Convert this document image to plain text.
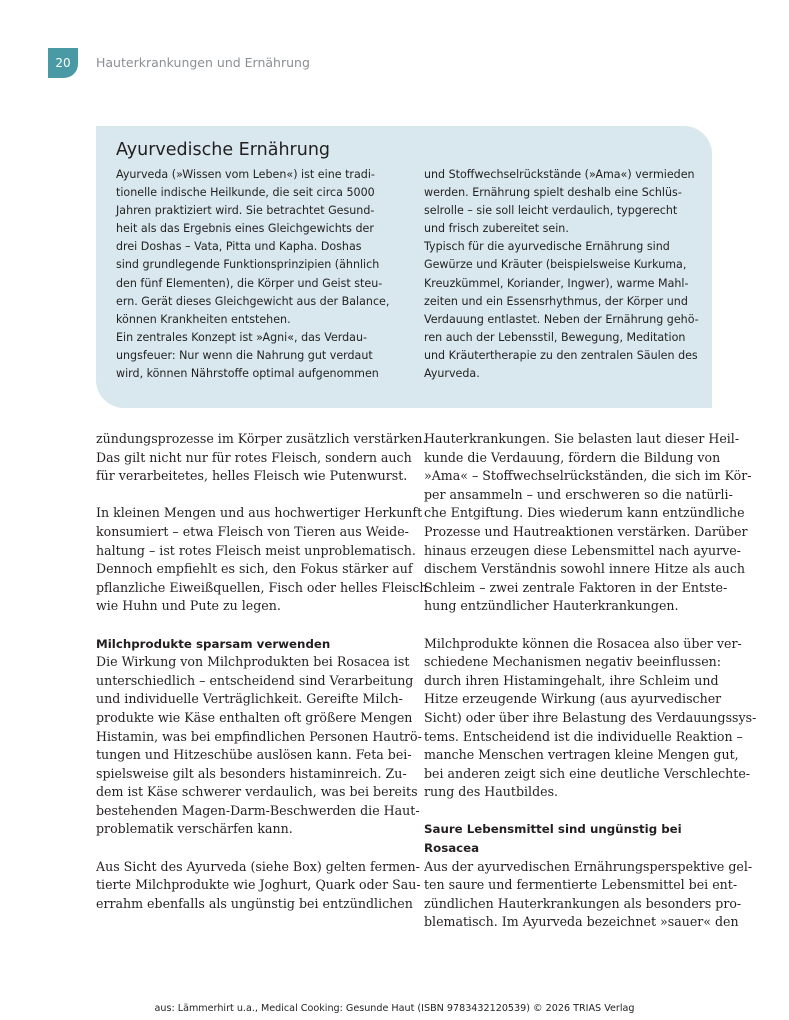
20 Hauterkrankungen und Ernährung
Ayurvedische Ernährung
Ayurveda (»Wissen vom Leben«) ist eine tradi-
tionelle indische Heilkunde, die seit circa 5000
Jahren praktiziert wird. Sie betrachtet Gesund-
heit als das Ergebnis eines Gleichgewichts der
drei Doshas – Vata, Pitta und Kapha. Doshas
sind grundlegende Funktionsprinzipien (ähnlich
den fünf Elementen), die Körper und Geist steu-
ern. Gerät dieses Gleichgewicht aus der Balance,
können Krankheiten entstehen.
Ein zentrales Konzept ist »Agni«, das Verdau-
ungsfeuer: Nur wenn die Nahrung gut verdaut
wird, können Nährstoffe optimal aufgenommen
und Stoffwechselrückstände (»Ama«) vermieden
werden. Ernährung spielt deshalb eine Schlüs-
selrolle – sie soll leicht verdaulich, typgerecht
und frisch zubereitet sein.
Typisch für die ayurvedische Ernährung sind
Gewürze und Kräuter (beispielsweise Kurkuma,
Kreuzkümmel, Koriander, Ingwer), warme Mahl-
zeiten und ein Essensrhythmus, der Körper und
Verdauung entlastet. Neben der Ernährung gehö-
ren auch der Lebensstil, Bewegung, Meditation
und Kräutertherapie zu den zentralen Säulen des
Ayurveda.
zündungsprozesse im Körper zusätzlich verstärken.
Das gilt nicht nur für rotes Fleisch, sondern auch
für verarbeitetes, helles Fleisch wie Putenwurst.
In kleinen Mengen und aus hochwertiger Herkunft
konsumiert – etwa Fleisch von Tieren aus Weide-
haltung – ist rotes Fleisch meist unproblematisch.
Dennoch empfiehlt es sich, den Fokus stärker auf
pflanzliche Eiweißquellen, Fisch oder helles Fleisch
wie Huhn und Pute zu legen.
Milchprodukte sparsam verwenden
Die Wirkung von Milchprodukten bei Rosacea ist
unterschiedlich – entscheidend sind Verarbeitung
und individuelle Verträglichkeit. Gereifte Milch-
produkte wie Käse enthalten oft größere Mengen
Histamin, was bei empfindlichen Personen Hautrö-
tungen und Hitzeschübe auslösen kann. Feta bei-
spielsweise gilt als besonders histaminreich. Zu-
dem ist Käse schwerer verdaulich, was bei bereits
bestehenden Magen-Darm-Beschwerden die Haut-
problematik verschärfen kann.
Aus Sicht des Ayurveda (siehe Box) gelten fermen-
tierte Milchprodukte wie Joghurt, Quark oder Sau-
errahm ebenfalls als ungünstig bei entzündlichen
Hauterkrankungen. Sie belasten laut dieser Heil-
kunde die Verdauung, fördern die Bildung von
»Ama« – Stoffwechselrückständen, die sich im Kör-
per ansammeln – und erschweren so die natürli-
che Entgiftung. Dies wiederum kann entzündliche
Prozesse und Hautreaktionen verstärken. Darüber
hinaus erzeugen diese Lebensmittel nach ayurve-
dischem Verständnis sowohl innere Hitze als auch
Schleim – zwei zentrale Faktoren in der Entste-
hung entzündlicher Hauterkrankungen.
Milchprodukte können die Rosacea also über ver-
schiedene Mechanismen negativ beeinflussen:
durch ihren Histamingehalt, ihre Schleim und
Hitze erzeugende Wirkung (aus ayurvedischer
Sicht) oder über ihre Belastung des Verdauungssys-
tems. Entscheidend ist die individuelle Reaktion –
manche Menschen vertragen kleine Mengen gut,
bei anderen zeigt sich eine deutliche Verschlechte-
rung des Hautbildes.
Saure Lebensmittel sind ungünstig bei Rosacea
Aus der ayurvedischen Ernährungsperspektive gel-
ten saure und fermentierte Lebensmittel bei ent-
zündlichen Hauterkrankungen als besonders pro-
blematisch. Im Ayurveda bezeichnet »sauer« den
aus: Lämmerhirt u.a., Medical Cooking: Gesunde Haut (ISBN 9783432120539) © 2026 TRIAS Verlag
